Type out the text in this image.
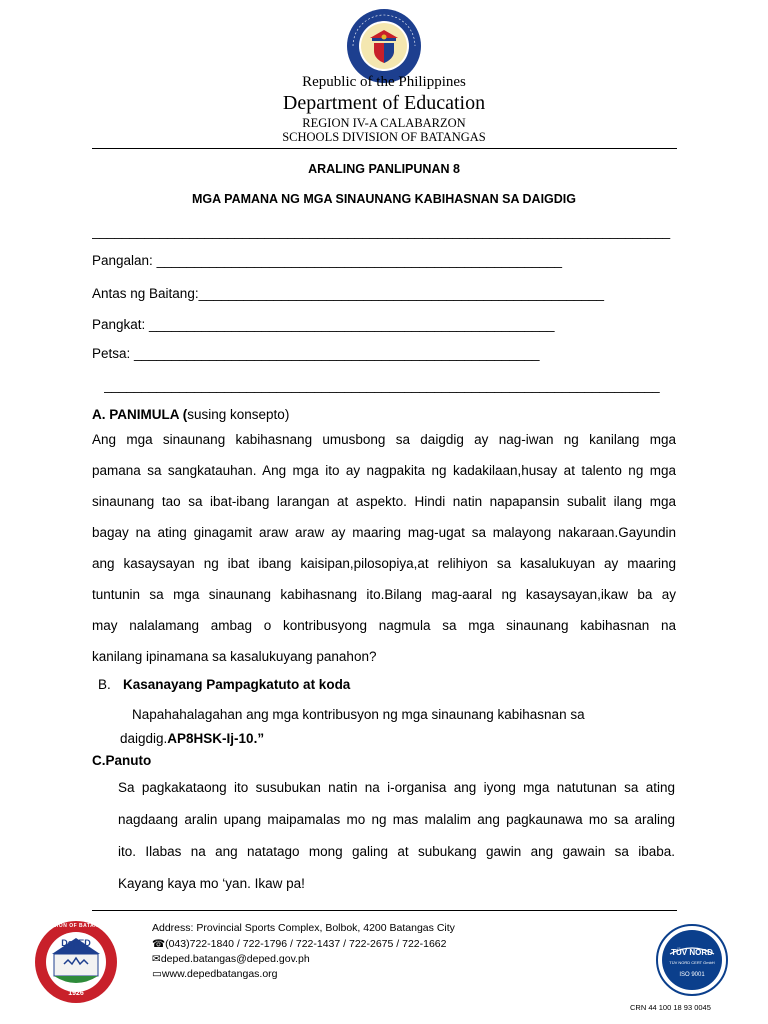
Republic of the Philippines
Department of Education
REGION IV-A CALABARZON
SCHOOLS DIVISION OF BATANGAS
ARALING PANLIPUNAN 8
MGA PAMANA NG MGA SINAUNANG KABIHASNAN SA DAIGDIG
_____________________________________________________________________________
Pangalan: ______________________________________________________
Antas ng Baitang:______________________________________________________
Pangkat: ______________________________________________________
Petsa: ______________________________________________________
__________________________________________________________________________
A. PANIMULA (susing konsepto)
Ang mga sinaunang kabihasnang umusbong sa daigdig ay nag-iwan ng kanilang mga
pamana sa sangkatauhan. Ang mga ito ay nagpakita ng kadakilaan,husay at talento ng mga
sinaunang tao sa ibat-ibang larangan at aspekto. Hindi natin napapansin subalit ilang mga
bagay na ating ginagamit araw araw ay maaring mag-ugat sa malayong nakaraan.Gayundin
ang kasaysayan ng ibat ibang kaisipan,pilosopiya,at relihiyon sa kasalukuyan ay maaring
tuntunin sa mga sinaunang kabihasnang ito.Bilang mag-aaral ng kasaysayan,ikaw ba ay
may nalalamang ambag o kontribusyong nagmula sa mga sinaunang kabihasnan na
kanilang ipinamana sa kasalukuyang panahon?
B. Kasanayang Pampagkatuto at koda
Napahahalagahan ang mga kontribusyon ng mga sinaunang kabihasnan sa
daigdig.AP8HSK-Ij-10.”
C.Panuto
Sa pagkakataong ito susubukan natin na i-organisa ang iyong mga natutunan sa ating
nagdaang aralin upang maipamalas mo ng mas malalim ang pagkaunawa mo sa araling
ito. Ilabas na ang natatago mong galing at subukang gawin ang gawain sa ibaba.
Kayang kaya mo ‘yan. Ikaw pa!
DepED
1926
DIVISION OF BATANGAS	Address: Provincial Sports Complex, Bolbok, 4200 Batangas City
☎(043)722-1840 / 722-1796 / 722-1437 / 722-2675 / 722-1662
✉deped.batangas@deped.gov.ph
▭www.depedbatangas.org
TÜV NORD
TÜV NORD CERT GmbH
ISO 9001
CRN 44 100 18 93 0045
